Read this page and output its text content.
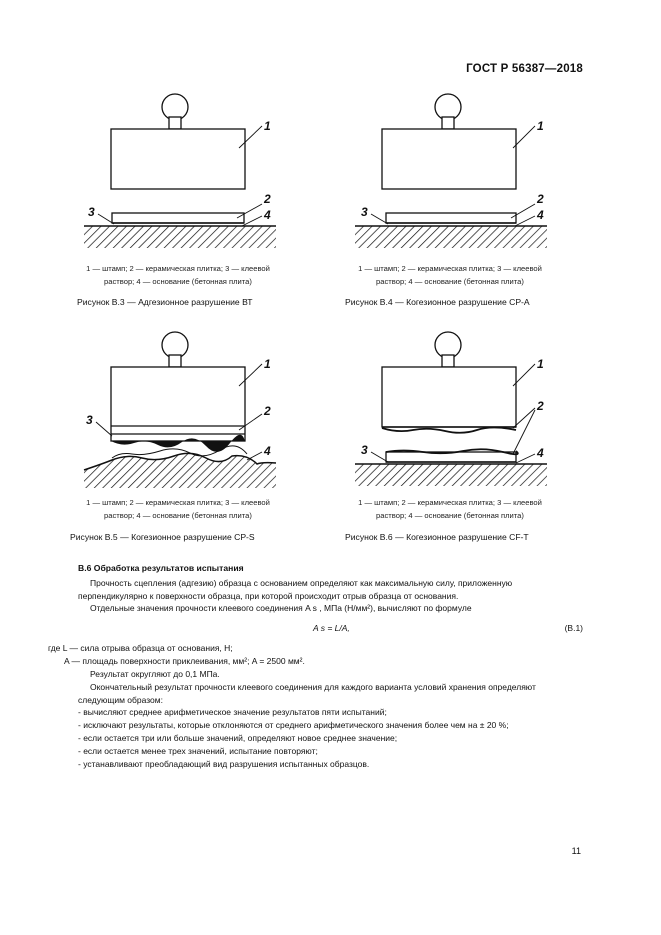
ГОСТ Р 56387—2018
1
2
4
3
1 — штамп; 2 — керамическая плитка; 3 — клеевой
раствор; 4 — основание (бетонная плита)
Рисунок В.3 — Адгезионное разрушение ВТ
1
2
4
3
1 — штамп; 2 — керамическая плитка; 3 — клеевой
раствор; 4 — основание (бетонная плита)
Рисунок В.4 — Когезионное разрушение СР-А
1
2
4
3
1 — штамп; 2 — керамическая плитка; 3 — клеевой
раствор; 4 — основание (бетонная плита)
Рисунок В.5 — Когезионное разрушение CP-S
1
2
4
3
1 — штамп; 2 — керамическая плитка; 3 — клеевой
раствор; 4 — основание (бетонная плита)
Рисунок В.6 — Когезионное разрушение CF-T
В.6 Обработка результатов испытания
Прочность сцепления (адгезию) образца с основанием определяют как максимальную силу, приложенную перпендикулярно к поверхности образца, при которой происходит отрыв образца от основания.
Отдельные значения прочности клеевого соединения A s , МПа (Н/мм²), вычисляют по формуле
A s = L/A,	(В.1)
где L — сила отрыва образца от основания, Н;
A — площадь поверхности приклеивания, мм²; A = 2500 мм².
Результат округляют до 0,1 МПа.
Окончательный результат прочности клеевого соединения для каждого варианта условий хранения определяют следующим образом:
- вычисляют среднее арифметическое значение результатов пяти испытаний;
- исключают результаты, которые отклоняются от среднего арифметического значения более чем на ± 20 %;
- если остается три или больше значений, определяют новое среднее значение;
- если остается менее трех значений, испытание повторяют;
- устанавливают преобладающий вид разрушения испытанных образцов.
11
